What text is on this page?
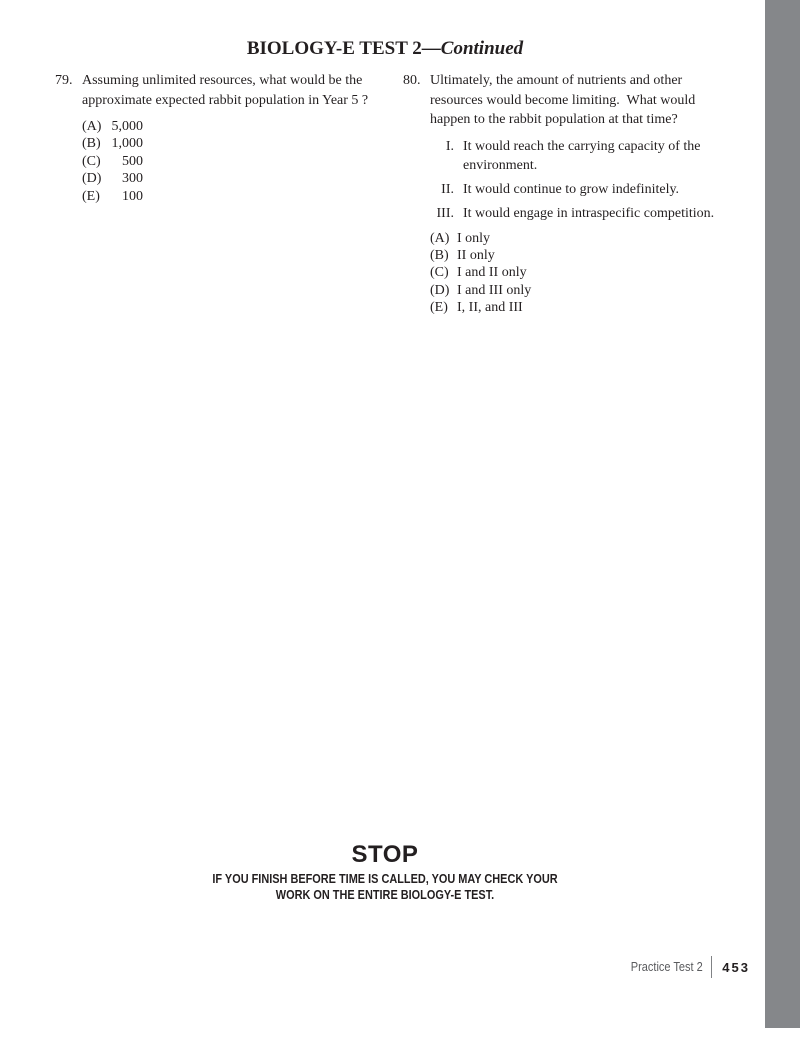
BIOLOGY-E TEST 2—Continued
79. Assuming unlimited resources, what would be the approximate expected rabbit population in Year 5 ?
(A) 5,000
(B) 1,000
(C)	500
(D)	300
(E)	100
80. Ultimately, the amount of nutrients and other resources would become limiting.  What would happen to the rabbit population at that time?
I. It would reach the carrying capacity of the environment.
II. It would continue to grow indefinitely.
III. It would engage in intraspecific competition.
(A) I only
(B) II only
(C) I and II only
(D) I and III only
(E) I, II, and III
STOP
IF YOU FINISH BEFORE TIME IS CALLED, YOU MAY CHECK YOUR
WORK ON THE ENTIRE BIOLOGY-E TEST.
Practice Test 2 453
